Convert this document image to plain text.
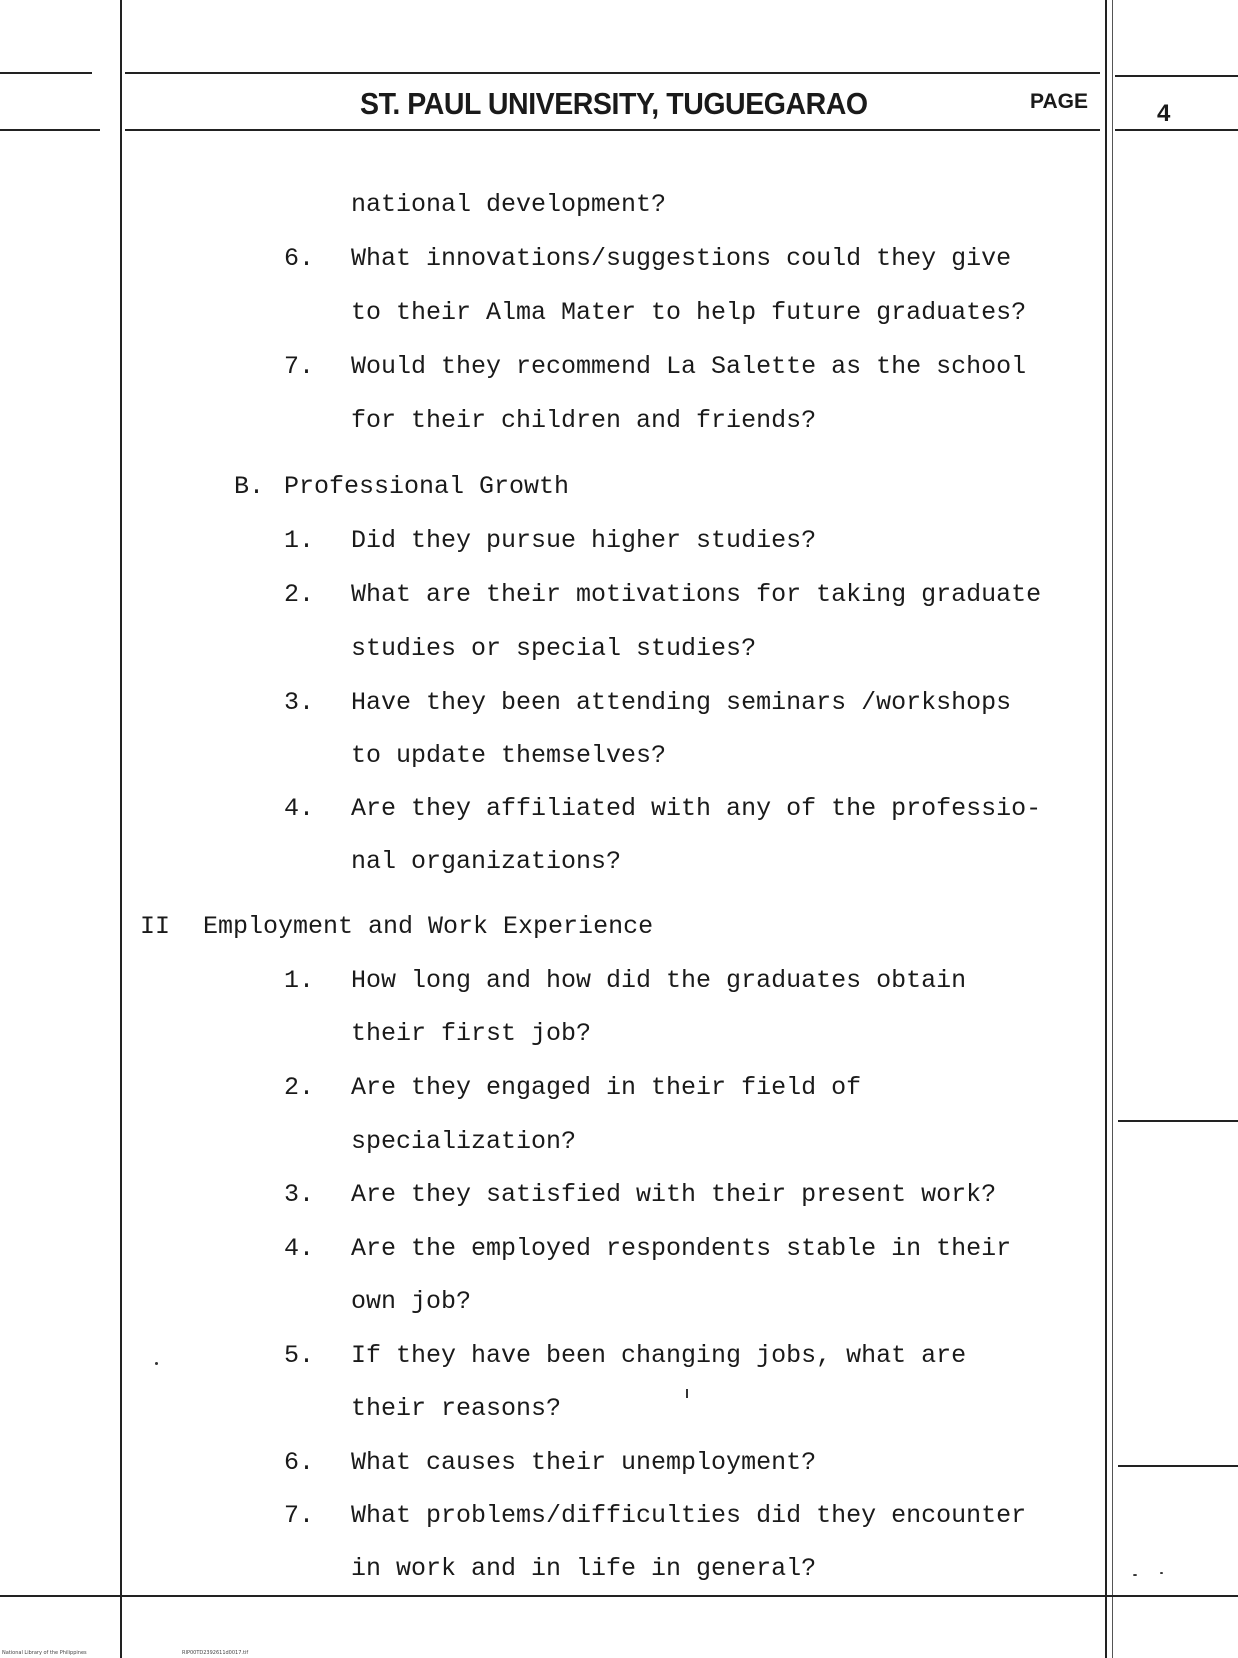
ST. PAUL UNIVERSITY, TUGUEGARAO	PAGE	4
national development?
6. What innovations/suggestions could they give
to their Alma Mater to help future graduates?
7. Would they recommend La Salette as the school
for their children and friends?
B. Professional Growth
1. Did they pursue higher studies?
2. What are their motivations for taking graduate
studies or special studies?
3. Have they been attending seminars /workshops
to update themselves?
4. Are they affiliated with any of the professio-
nal organizations?
II Employment and Work Experience
1. How long and how did the graduates obtain
their first job?
2. Are they engaged in their field of
specialization?
3. Are they satisfied with their present work?
4. Are the employed respondents stable in their
own job?
5. If they have been changing jobs, what are
their reasons?
6. What causes their unemployment?
7. What problems/difficulties did they encounter
in work and in life in general?
National Library of the Philippines	RIP00TD2392611d0017.tif
